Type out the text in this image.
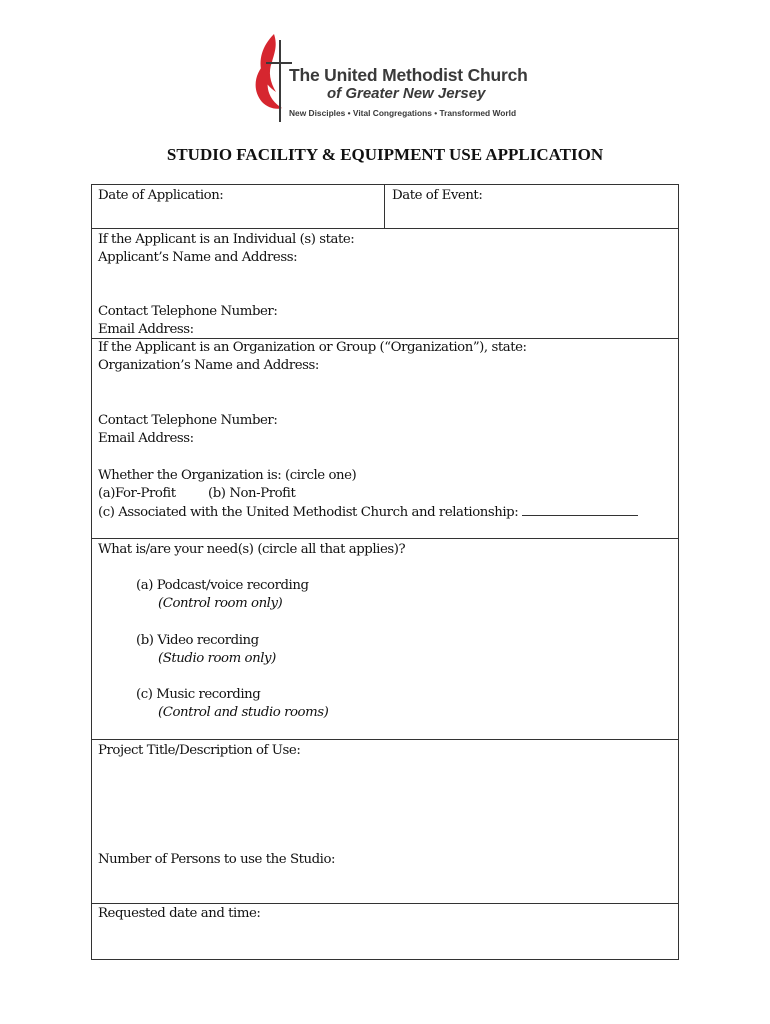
The United Methodist Church
of Greater New Jersey
New Disciples • Vital Congregations • Transformed World
STUDIO FACILITY & EQUIPMENT USE APPLICATION
Date of Application:	Date of Event:
If the Applicant is an Individual (s) state:
Applicant’s Name and Address:
Contact Telephone Number:
Email Address:
If the Applicant is an Organization or Group (“Organization”), state:
Organization’s Name and Address:
Contact Telephone Number:
Email Address:
Whether the Organization is: (circle one)
(a)For-Profit (b) Non-Profit
(c) Associated with the United Methodist Church and relationship:
What is/are your need(s) (circle all that applies)?
(a) Podcast/voice recording
(Control room only)
(b) Video recording
(Studio room only)
(c) Music recording
(Control and studio rooms)
Project Title/Description of Use:
Number of Persons to use the Studio:
Requested date and time:
